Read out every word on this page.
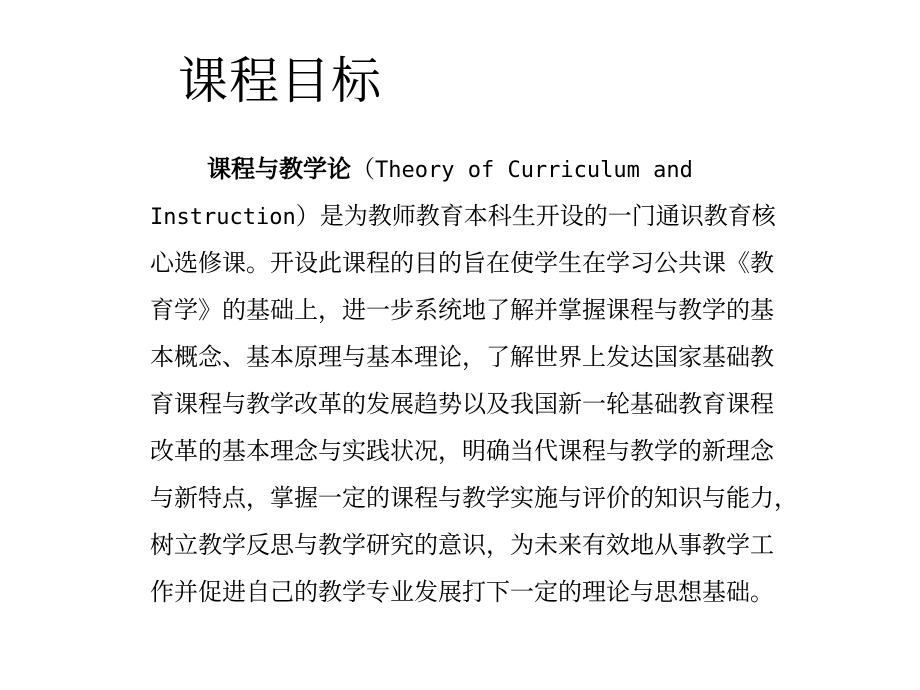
课程目标
课程与教学论（Theory of Curriculum and
Instruction）是为教师教育本科生开设的一门通识教育核
心选修课。开设此课程的目的旨在使学生在学习公共课《教
育学》的基础上，进一步系统地了解并掌握课程与教学的基
本概念、基本原理与基本理论，了解世界上发达国家基础教
育课程与教学改革的发展趋势以及我国新一轮基础教育课程
改革的基本理念与实践状况，明确当代课程与教学的新理念
与新特点，掌握一定的课程与教学实施与评价的知识与能力，
树立教学反思与教学研究的意识，为未来有效地从事教学工
作并促进自己的教学专业发展打下一定的理论与思想基础。
